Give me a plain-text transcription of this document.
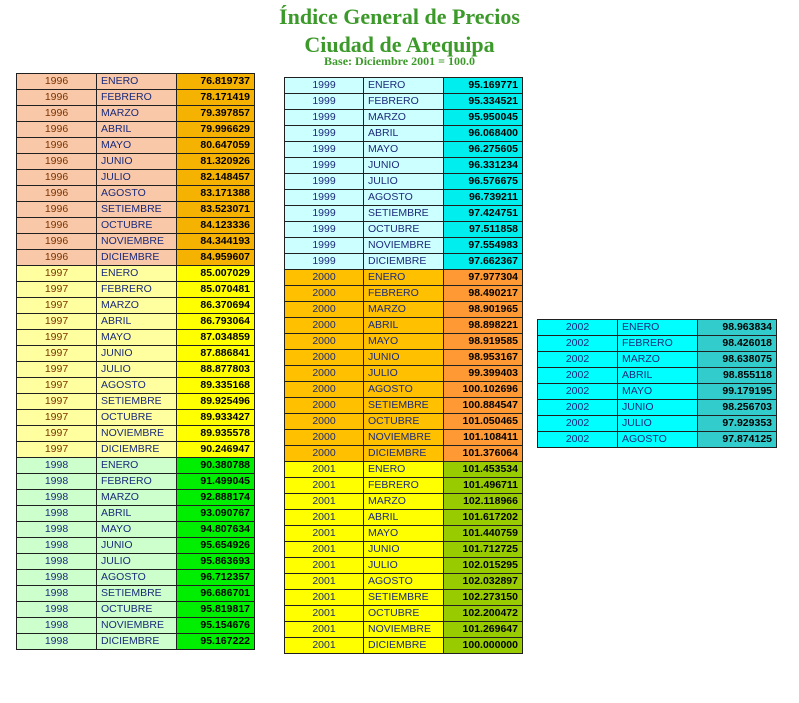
Índice General de Precios
Ciudad de Arequipa
Base: Diciembre 2001 = 100.0
1996	ENERO	76.819737
1996	FEBRERO	78.171419
1996	MARZO	79.397857
1996	ABRIL	79.996629
1996	MAYO	80.647059
1996	JUNIO	81.320926
1996	JULIO	82.148457
1996	AGOSTO	83.171388
1996	SETIEMBRE	83.523071
1996	OCTUBRE	84.123336
1996	NOVIEMBRE	84.344193
1996	DICIEMBRE	84.959607
1997	ENERO	85.007029
1997	FEBRERO	85.070481
1997	MARZO	86.370694
1997	ABRIL	86.793064
1997	MAYO	87.034859
1997	JUNIO	87.886841
1997	JULIO	88.877803
1997	AGOSTO	89.335168
1997	SETIEMBRE	89.925496
1997	OCTUBRE	89.933427
1997	NOVIEMBRE	89.935578
1997	DICIEMBRE	90.246947
1998	ENERO	90.380788
1998	FEBRERO	91.499045
1998	MARZO	92.888174
1998	ABRIL	93.090767
1998	MAYO	94.807634
1998	JUNIO	95.654926
1998	JULIO	95.863693
1998	AGOSTO	96.712357
1998	SETIEMBRE	96.686701
1998	OCTUBRE	95.819817
1998	NOVIEMBRE	95.154676
1998	DICIEMBRE	95.167222
1999	ENERO	95.169771
1999	FEBRERO	95.334521
1999	MARZO	95.950045
1999	ABRIL	96.068400
1999	MAYO	96.275605
1999	JUNIO	96.331234
1999	JULIO	96.576675
1999	AGOSTO	96.739211
1999	SETIEMBRE	97.424751
1999	OCTUBRE	97.511858
1999	NOVIEMBRE	97.554983
1999	DICIEMBRE	97.662367
2000	ENERO	97.977304
2000	FEBRERO	98.490217
2000	MARZO	98.901965
2000	ABRIL	98.898221
2000	MAYO	98.919585
2000	JUNIO	98.953167
2000	JULIO	99.399403
2000	AGOSTO	100.102696
2000	SETIEMBRE	100.884547
2000	OCTUBRE	101.050465
2000	NOVIEMBRE	101.108411
2000	DICIEMBRE	101.376064
2001	ENERO	101.453534
2001	FEBRERO	101.496711
2001	MARZO	102.118966
2001	ABRIL	101.617202
2001	MAYO	101.440759
2001	JUNIO	101.712725
2001	JULIO	102.015295
2001	AGOSTO	102.032897
2001	SETIEMBRE	102.273150
2001	OCTUBRE	102.200472
2001	NOVIEMBRE	101.269647
2001	DICIEMBRE	100.000000
2002	ENERO	98.963834
2002	FEBRERO	98.426018
2002	MARZO	98.638075
2002	ABRIL	98.855118
2002	MAYO	99.179195
2002	JUNIO	98.256703
2002	JULIO	97.929353
2002	AGOSTO	97.874125
